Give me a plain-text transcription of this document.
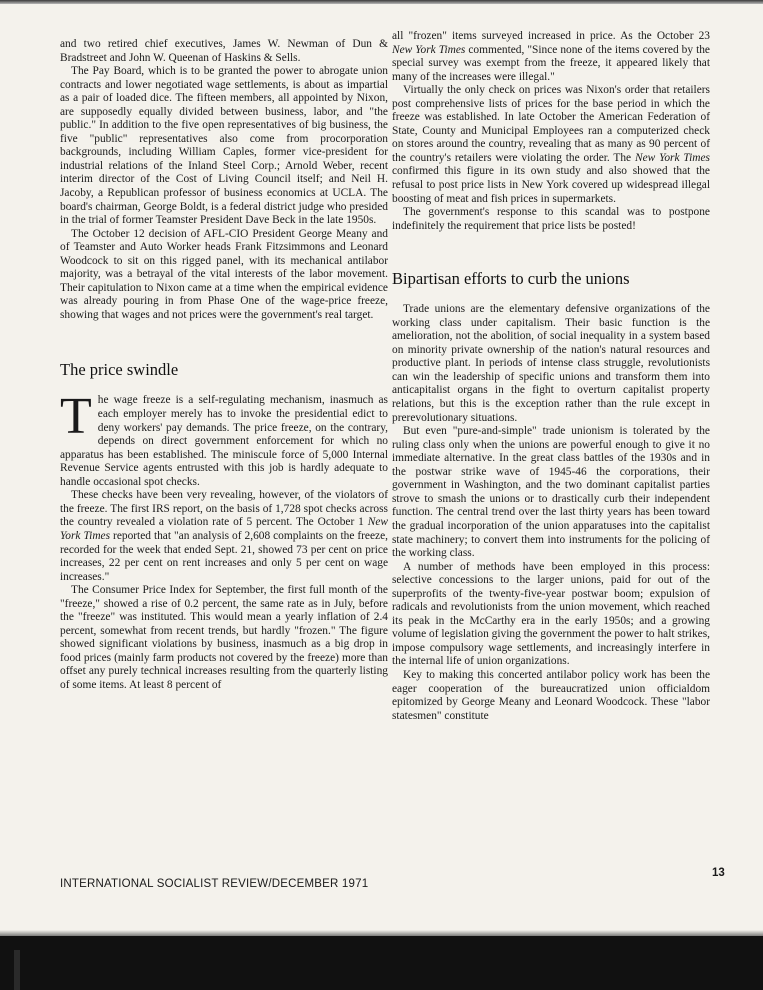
and two retired chief executives, James W. Newman of Dun & Bradstreet and John W. Queenan of Haskins & Sells.

The Pay Board, which is to be granted the power to abrogate union contracts and lower negotiated wage settlements, is about as impartial as a pair of loaded dice. The fifteen members, all appointed by Nixon, are supposedly equally divided between business, labor, and "the public." In addition to the five open representatives of big business, the five "public" representatives also come from procorporation backgrounds, including William Caples, former vice-president for industrial relations of the Inland Steel Corp.; Arnold Weber, recent interim director of the Cost of Living Council itself; and Neil H. Jacoby, a Republican professor of business economics at UCLA. The board's chairman, George Boldt, is a federal district judge who presided in the trial of former Teamster President Dave Beck in the late 1950s.

The October 12 decision of AFL-CIO President George Meany and of Teamster and Auto Worker heads Frank Fitzsimmons and Leonard Woodcock to sit on this rigged panel, with its mechanical antilabor majority, was a betrayal of the vital interests of the labor movement. Their capitulation to Nixon came at a time when the empirical evidence was already pouring in from Phase One of the wage-price freeze, showing that wages and not prices were the government's real target.

The price swindle

The wage freeze is a self-regulating mechanism, inasmuch as each employer merely has to invoke the presidential edict to deny workers' pay demands. The price freeze, on the contrary, depends on direct government enforcement for which no apparatus has been established. The miniscule force of 5,000 Internal Revenue Service agents entrusted with this job is hardly adequate to handle occasional spot checks.

These checks have been very revealing, however, of the violators of the freeze. The first IRS report, on the basis of 1,728 spot checks across the country revealed a violation rate of 5 percent. The October 1 New York Times reported that "an analysis of 2,608 complaints on the freeze, recorded for the week that ended Sept. 21, showed 73 per cent on price increases, 22 per cent on rent increases and only 5 per cent on wage increases."

The Consumer Price Index for September, the first full month of the "freeze," showed a rise of 0.2 percent, the same rate as in July, before the "freeze" was instituted. This would mean a yearly inflation of 2.4 percent, somewhat from recent trends, but hardly "frozen." The figure showed significant violations by business, inasmuch as a big drop in food prices (mainly farm products not covered by the freeze) more than offset any purely technical increases resulting from the quarterly listing of some items. At least 8 percent of

all "frozen" items surveyed increased in price. As the October 23 New York Times commented, "Since none of the items covered by the special survey was exempt from the freeze, it appeared likely that many of the increases were illegal."

Virtually the only check on prices was Nixon's order that retailers post comprehensive lists of prices for the base period in which the freeze was established. In late October the American Federation of State, County and Municipal Employees ran a computerized check on stores around the country, revealing that as many as 90 percent of the country's retailers were violating the order. The New York Times confirmed this figure in its own study and also showed that the refusal to post price lists in New York covered up widespread illegal boosting of meat and fish prices in supermarkets.

The government's response to this scandal was to postpone indefinitely the requirement that price lists be posted!

Bipartisan efforts to curb the unions

Trade unions are the elementary defensive organizations of the working class under capitalism. Their basic function is the amelioration, not the abolition, of social inequality in a system based on minority private ownership of the nation's natural resources and productive plant. In periods of intense class struggle, revolutionists can win the leadership of specific unions and transform them into anticapitalist organs in the fight to overturn capitalist property relations, but this is the exception rather than the rule except in prerevolutionary situations.

But even "pure-and-simple" trade unionism is tolerated by the ruling class only when the unions are powerful enough to give it no immediate alternative. In the great class battles of the 1930s and in the postwar strike wave of 1945-46 the corporations, their government in Washington, and the two dominant capitalist parties strove to smash the unions or to drastically curb their independent function. The central trend over the last thirty years has been toward the gradual incorporation of the union apparatuses into the capitalist state machinery; to convert them into instruments for the policing of the working class.

A number of methods have been employed in this process: selective concessions to the larger unions, paid for out of the superprofits of the twenty-five-year postwar boom; expulsion of radicals and revolutionists from the union movement, which reached its peak in the McCarthy era in the early 1950s; and a growing volume of legislation giving the government the power to halt strikes, impose compulsory wage settlements, and increasingly interfere in the internal life of union organizations.

Key to making this concerted antilabor policy work has been the eager cooperation of the bureaucratized union officialdom epitomized by George Meany and Leonard Woodcock. These "labor statesmen" constitute

INTERNATIONAL SOCIALIST REVIEW/DECEMBER 1971
13
